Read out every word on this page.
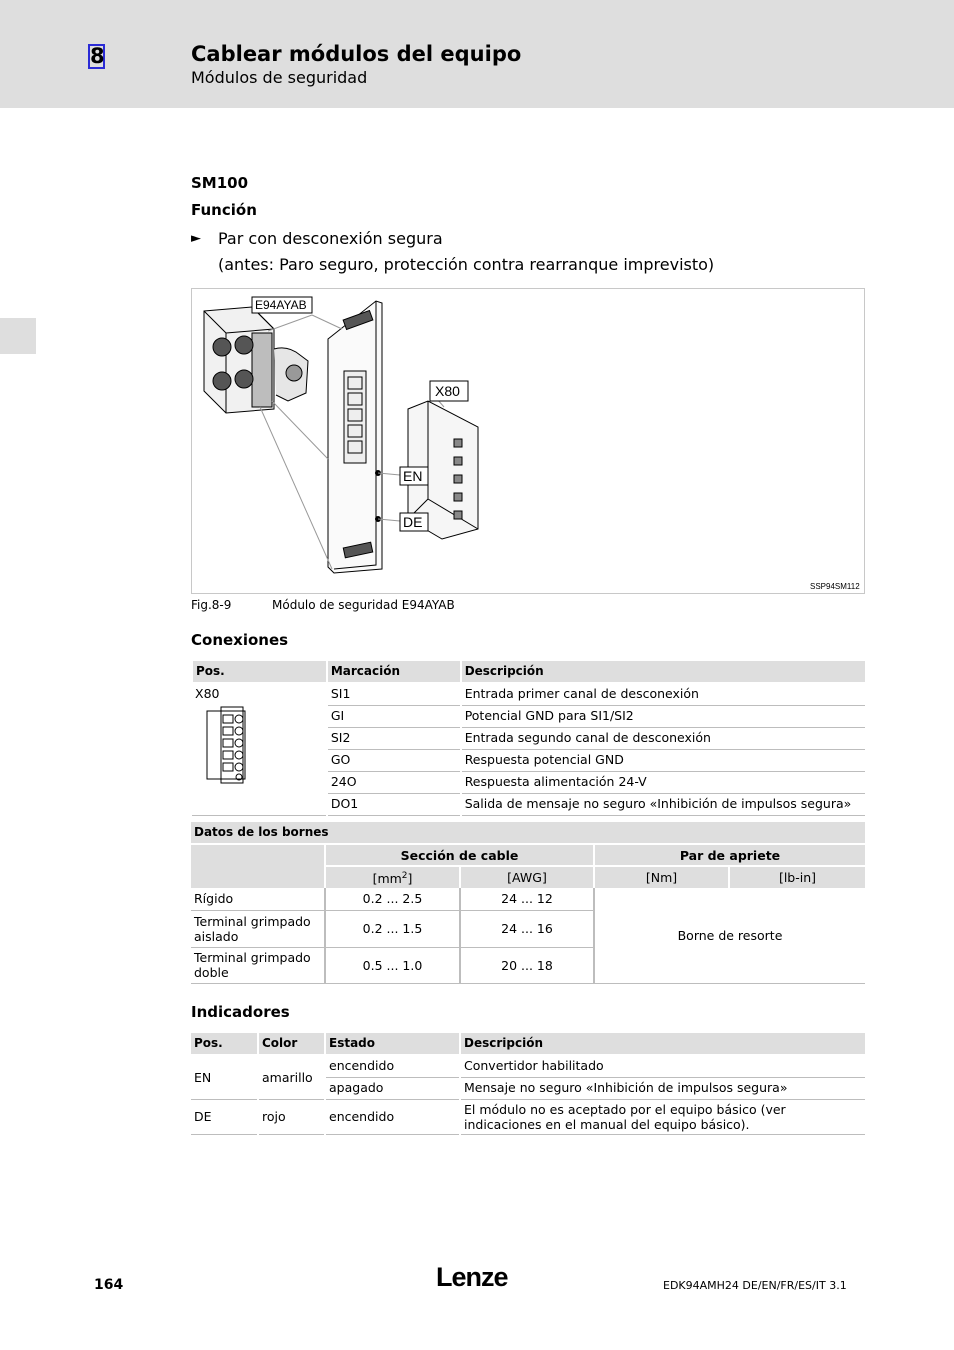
8	Cablear módulos del equipo
Módulos de seguridad
SM100
Función
► Par con desconexión segura
(antes: Paro seguro, protección contra rearranque imprevisto)
E94AYAB
X80
EN
DE
SSP94SM112
Fig.8-9	Módulo de seguridad E94AYAB
Conexiones
Pos.	Marcación	Descripción

X80	SI1	Entrada primer canal de desconexión
	GI	Potencial GND para SI1/SI2
	SI2	Entrada segundo canal de desconexión
	GO	Respuesta potencial GND
	24O	Respuesta alimentación 24-V
	DO1	Salida de mensaje no seguro «Inhibición de impulsos segura»
Datos de los bornes				
	Sección de cable		Par de apriete	
	$[mm^2]$	[AWG]	[Nm]	[lb-in]
Rígido	0.2 ... 2.5	24 ... 12	Borne de resorte	
Terminal grimpado aislado	0.2 ... 1.5	24 ... 16		
Terminal grimpado doble	0.5 ... 1.0	20 ... 18		
Indicadores
Pos.	Color	Estado	Descripción
EN	amarillo	encendido	Convertidor habilitado
		apagado	Mensaje no seguro «Inhibición de impulsos segura»
DE	rojo	encendido	El módulo no es aceptado por el equipo básico (ver indicaciones en el manual del equipo básico).
164	Lenze	EDK94AMH24 DE/EN/FR/ES/IT 3.1
